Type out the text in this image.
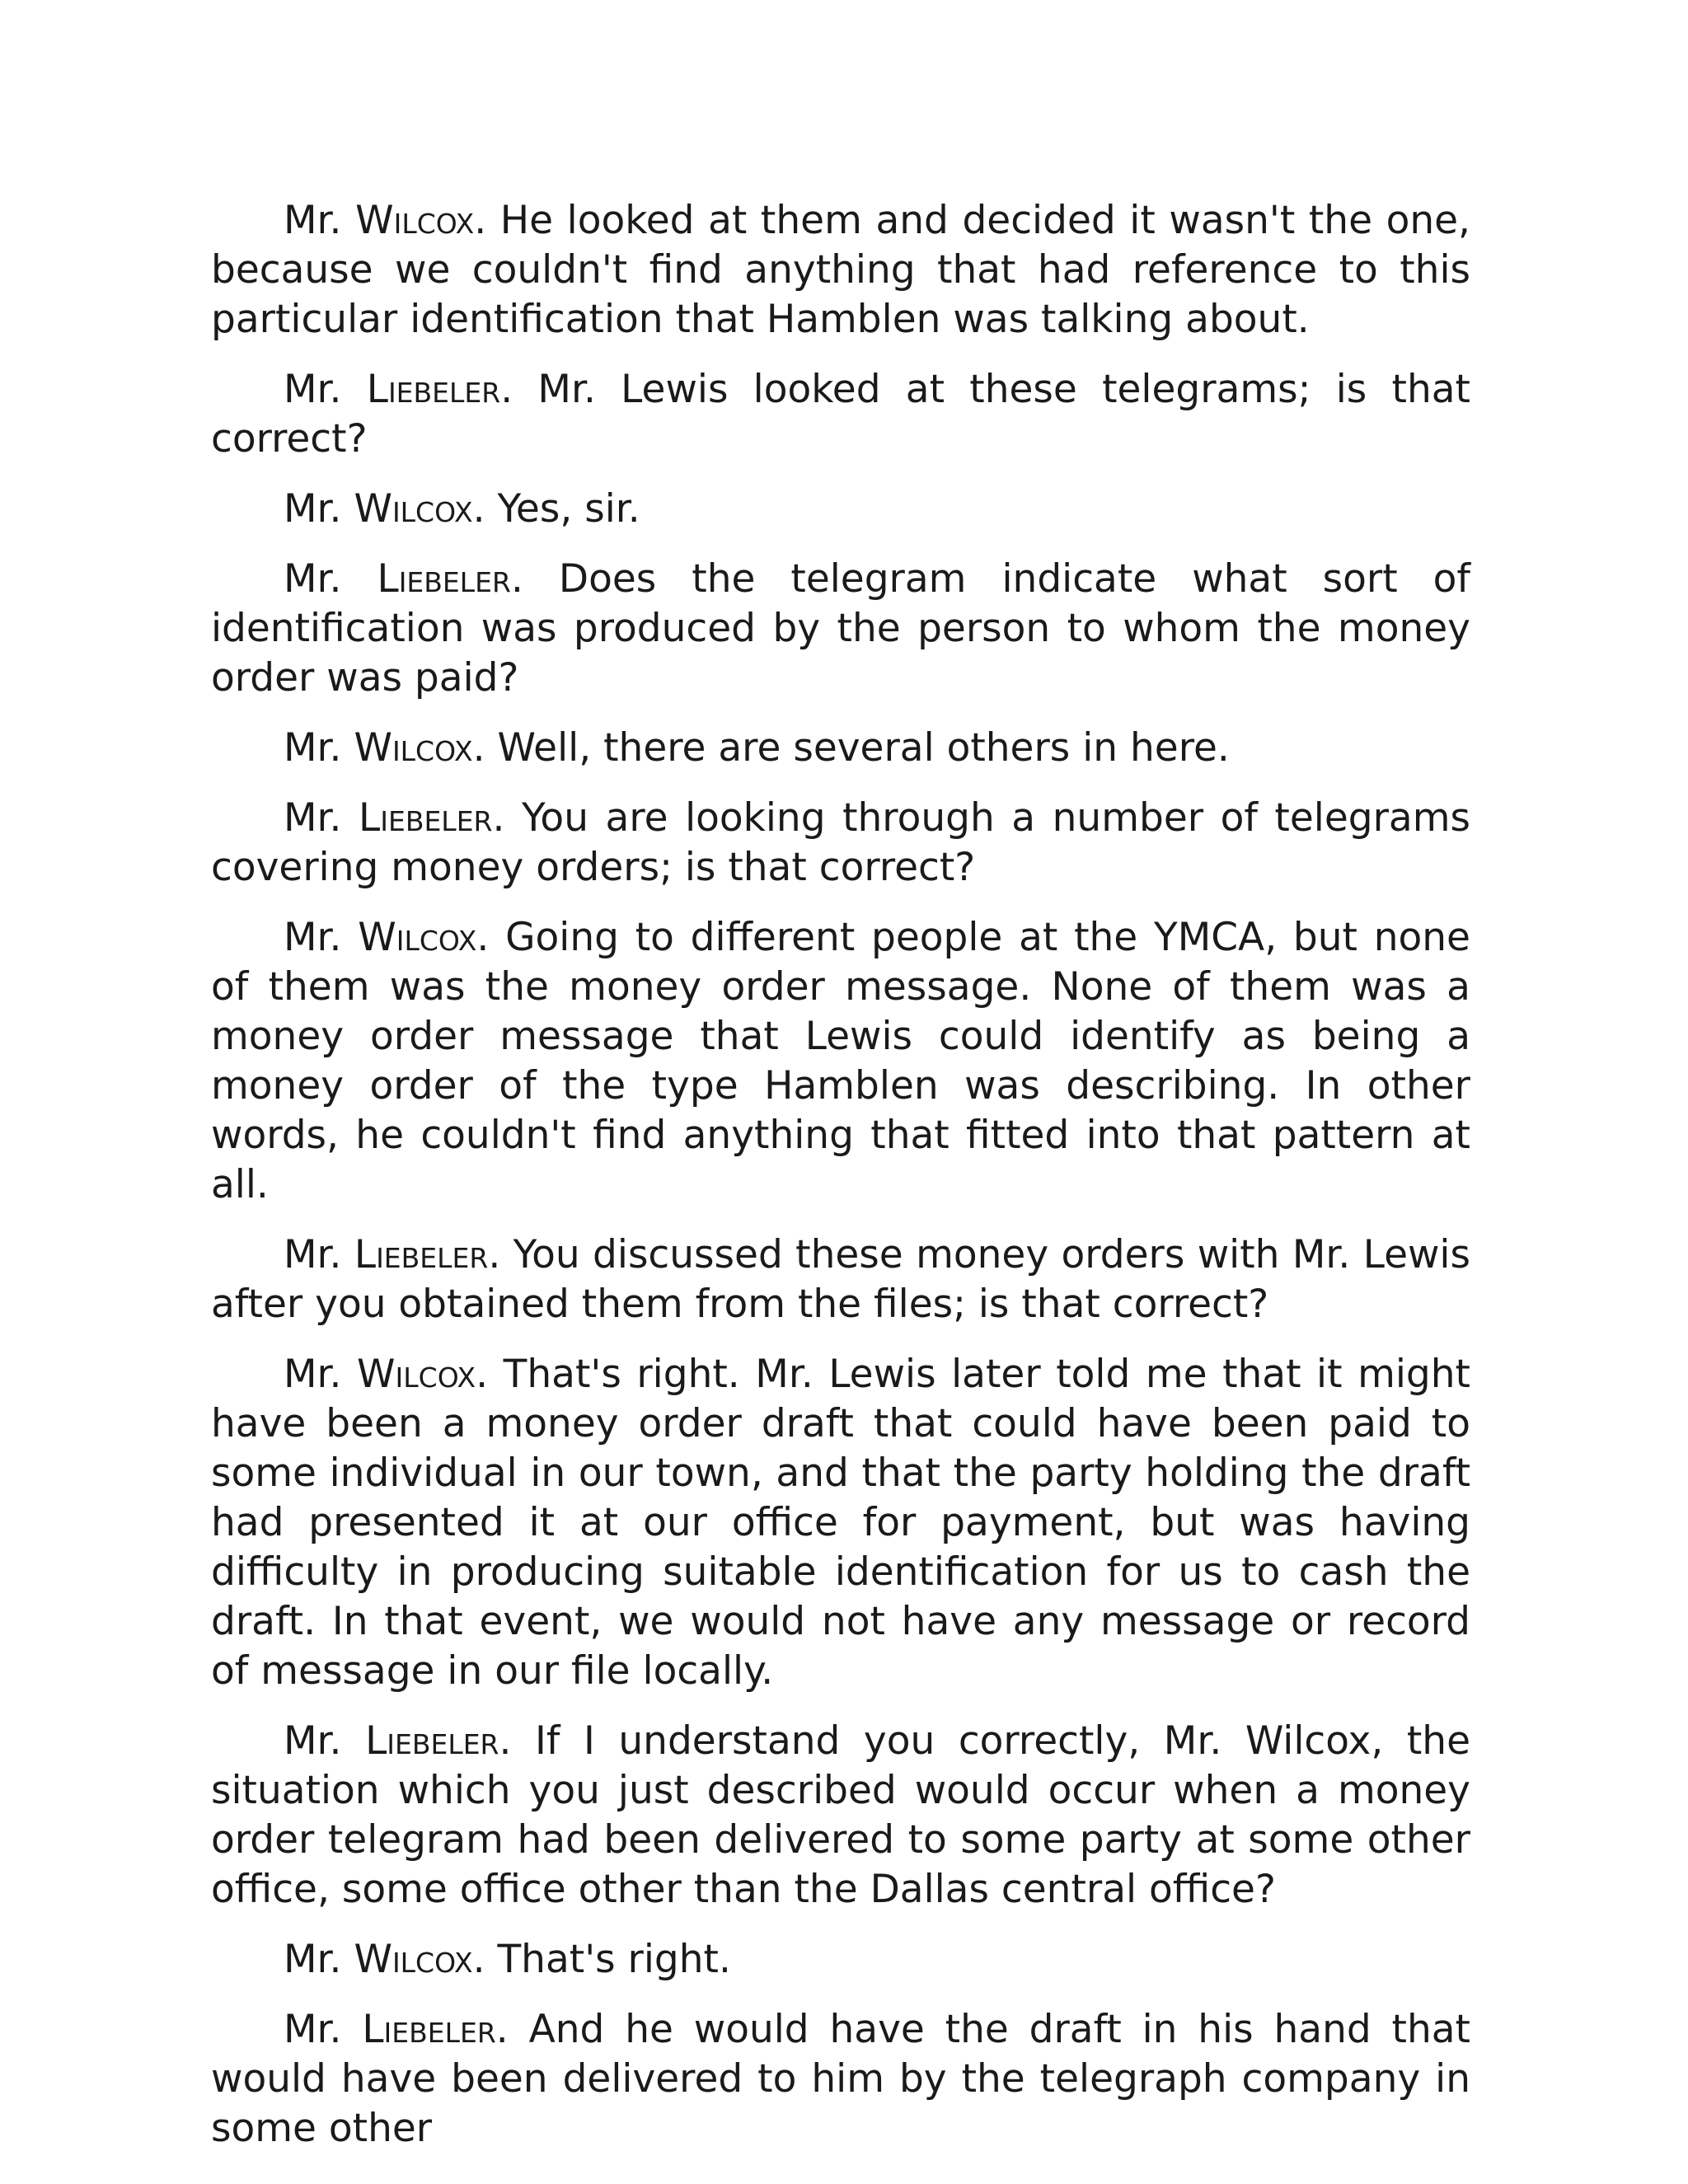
Mr. Wilcox. He looked at them and decided it wasn't the one, because we couldn't find anything that had reference to this particular identification that Hamblen was talking about.

Mr. Liebeler. Mr. Lewis looked at these telegrams; is that correct?

Mr. Wilcox. Yes, sir.

Mr. Liebeler. Does the telegram indicate what sort of identification was produced by the person to whom the money order was paid?

Mr. Wilcox. Well, there are several others in here.

Mr. Liebeler. You are looking through a number of telegrams covering money orders; is that correct?

Mr. Wilcox. Going to different people at the YMCA, but none of them was the money order message. None of them was a money order message that Lewis could identify as being a money order of the type Hamblen was describing. In other words, he couldn't find anything that fitted into that pattern at all.

Mr. Liebeler. You discussed these money orders with Mr. Lewis after you obtained them from the files; is that correct?

Mr. Wilcox. That's right. Mr. Lewis later told me that it might have been a money order draft that could have been paid to some individual in our town, and that the party holding the draft had presented it at our office for payment, but was having difficulty in producing suitable identification for us to cash the draft. In that event, we would not have any message or record of message in our file locally.

Mr. Liebeler. If I understand you correctly, Mr. Wilcox, the situation which you just described would occur when a money order telegram had been delivered to some party at some other office, some office other than the Dallas central office?

Mr. Wilcox. That's right.

Mr. Liebeler. And he would have the draft in his hand that would have been delivered to him by the telegraph company in some other
